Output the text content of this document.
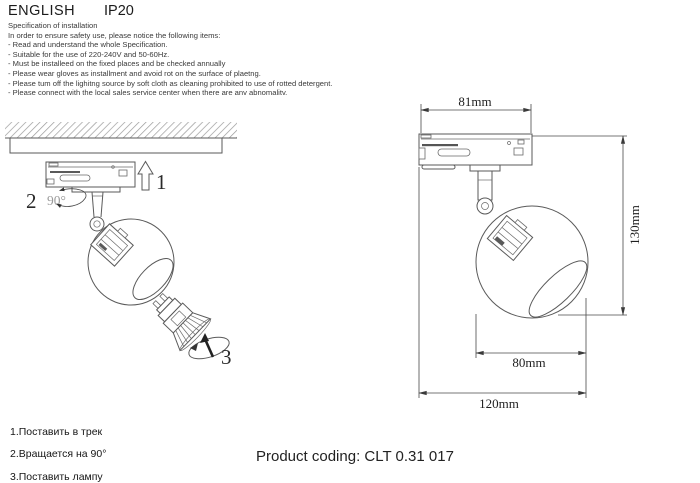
ENGLISH IP20
Specification of installation
In order to ensure safety use, please notice the following items:
- Read and understand the whole Specification.
- Suitable for the use of 220-240V and 50-60Hz.
- Must be installeed on the fixed places and be checked annually
- Please wear gloves as installment and avoid rot on the surface of plaetng.
- Please tum off the lighitng source by soft cloth as cleaning prohibited to use of rotted detergent.
- Please connect with the local sales service center when there are anv abnomalitv.
1
2 90°
3
81mm
130mm
80mm
120mm
1.Поставить в трек
2.Вращается на 90°
3.Поставить лампу
Product coding: CLT 0.31 017
